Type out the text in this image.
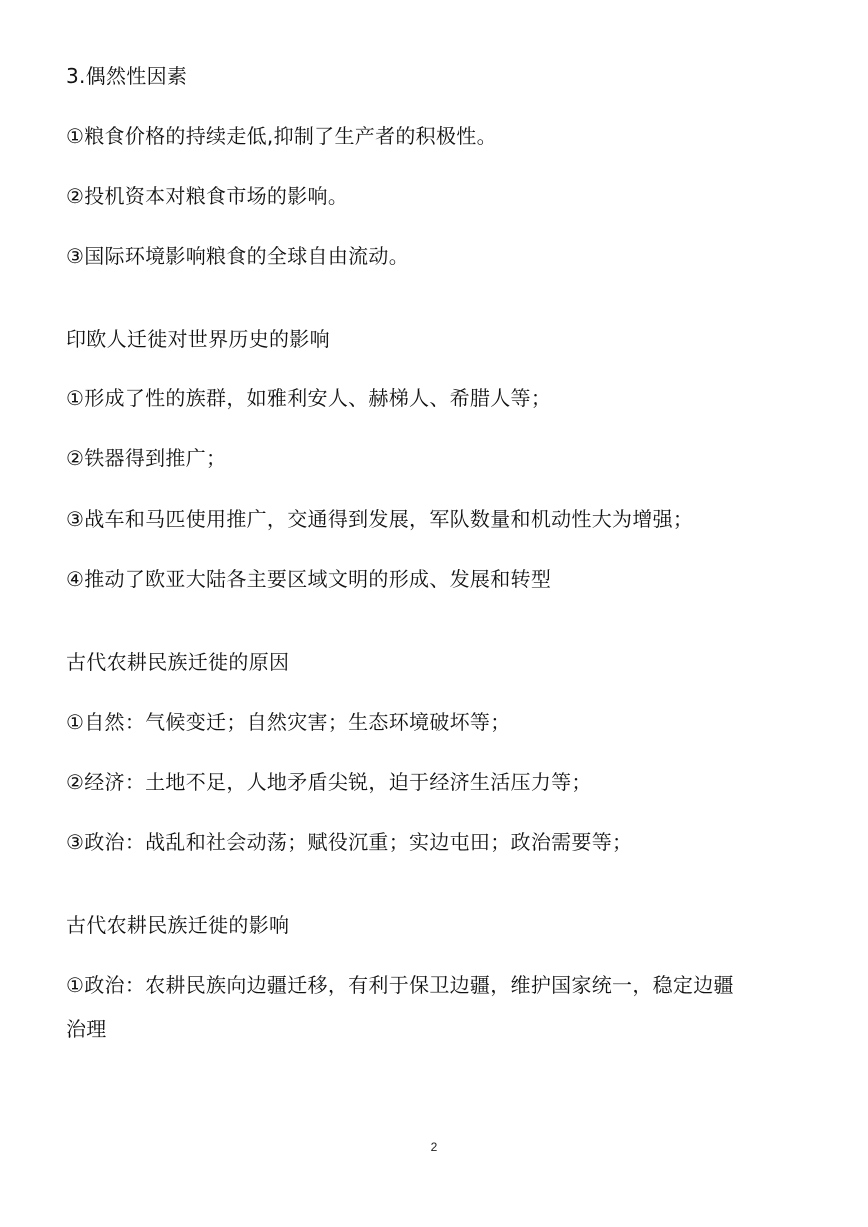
3.偶然性因素
①粮食价格的持续走低,抑制了生产者的积极性。
②投机资本对粮食市场的影响。
③国际环境影响粮食的全球自由流动。
印欧人迁徙对世界历史的影响
①形成了性的族群，如雅利安人、赫梯人、希腊人等；
②铁器得到推广；
③战车和马匹使用推广，交通得到发展，军队数量和机动性大为增强；
④推动了欧亚大陆各主要区域文明的形成、发展和转型
古代农耕民族迁徙的原因
①自然：气候变迁；自然灾害；生态环境破坏等；
②经济：土地不足，人地矛盾尖锐，迫于经济生活压力等；
③政治：战乱和社会动荡；赋役沉重；实边屯田；政治需要等；
古代农耕民族迁徙的影响
①政治：农耕民族向边疆迁移，有利于保卫边疆，维护国家统一，稳定边疆
治理
2
